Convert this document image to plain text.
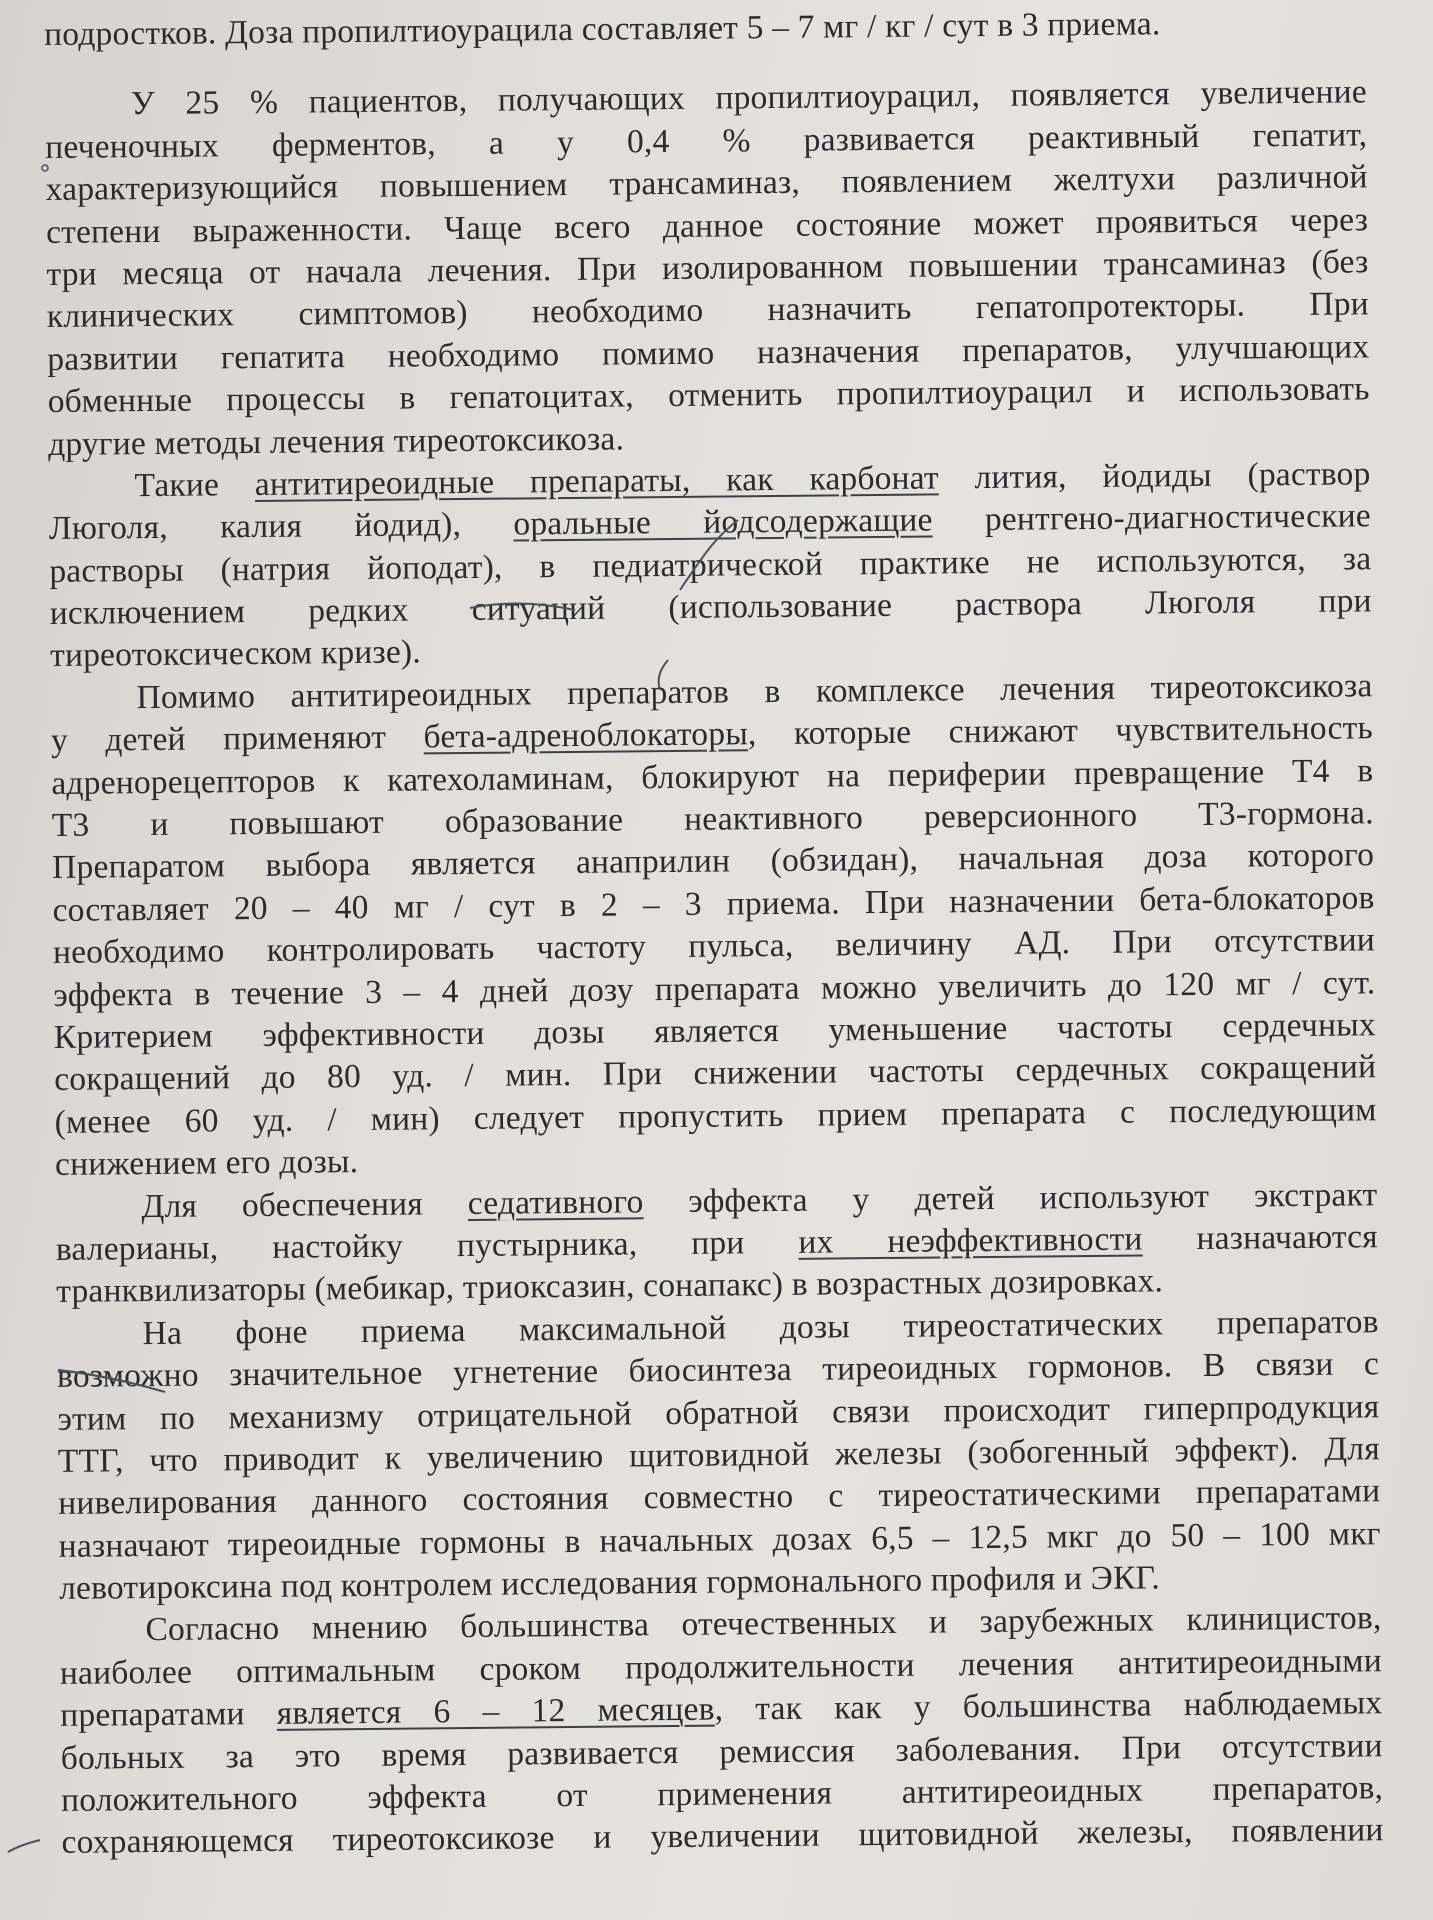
подростков. Доза пропилтиоурацила составляет 5 – 7 мг / кг / сут в 3 приема.
У 25 % пациентов, получающих пропилтиоурацил, появляется увеличение
печеночных ферментов, а у 0,4 % развивается реактивный гепатит,
характеризующийся повышением трансаминаз, появлением желтухи различной
степени выраженности. Чаще всего данное состояние может проявиться через
три месяца от начала лечения. При изолированном повышении трансаминаз (без
клинических симптомов) необходимо назначить гепатопротекторы. При
развитии гепатита необходимо помимо назначения препаратов, улучшающих
обменные процессы в гепатоцитах, отменить пропилтиоурацил и использовать
другие методы лечения тиреотоксикоза.
Такие антитиреоидные препараты, как карбонат лития, йодиды (раствор
Люголя, калия йодид), оральные йодсодержащие рентгено-диагностические
растворы (натрия йоподат), в педиатрической практике не используются, за
исключением редких ситуаций (использование раствора Люголя при
тиреотоксическом кризе).
Помимо антитиреоидных препаратов в комплексе лечения тиреотоксикоза
у детей применяют бета-адреноблокаторы, которые снижают чувствительность
адренорецепторов к катехоламинам, блокируют на периферии превращение Т4 в
Т3 и повышают образование неактивного реверсионного Т3-гормона.
Препаратом выбора является анаприлин (обзидан), начальная доза которого
составляет 20 – 40 мг / сут в 2 – 3 приема. При назначении бета-блокаторов
необходимо контролировать частоту пульса, величину АД. При отсутствии
эффекта в течение 3 – 4 дней дозу препарата можно увеличить до 120 мг / сут.
Критерием эффективности дозы является уменьшение частоты сердечных
сокращений до 80 уд. / мин. При снижении частоты сердечных сокращений
(менее 60 уд. / мин) следует пропустить прием препарата с последующим
снижением его дозы.
Для обеспечения седативного эффекта у детей используют экстракт
валерианы, настойку пустырника, при их неэффективности назначаются
транквилизаторы (мебикар, триоксазин, сонапакс) в возрастных дозировках.
На фоне приема максимальной дозы тиреостатических препаратов
возможно значительное угнетение биосинтеза тиреоидных гормонов. В связи с
этим по механизму отрицательной обратной связи происходит гиперпродукция
ТТГ, что приводит к увеличению щитовидной железы (зобогенный эффект). Для
нивелирования данного состояния совместно с тиреостатическими препаратами
назначают тиреоидные гормоны в начальных дозах 6,5 – 12,5 мкг до 50 – 100 мкг
левотироксина под контролем исследования гормонального профиля и ЭКГ.
Согласно мнению большинства отечественных и зарубежных клиницистов,
наиболее оптимальным сроком продолжительности лечения антитиреоидными
препаратами является 6 – 12 месяцев, так как у большинства наблюдаемых
больных за это время развивается ремиссия заболевания. При отсутствии
положительного эффекта от применения антитиреоидных препаратов,
сохраняющемся тиреотоксикозе и увеличении щитовидной железы, появлении
